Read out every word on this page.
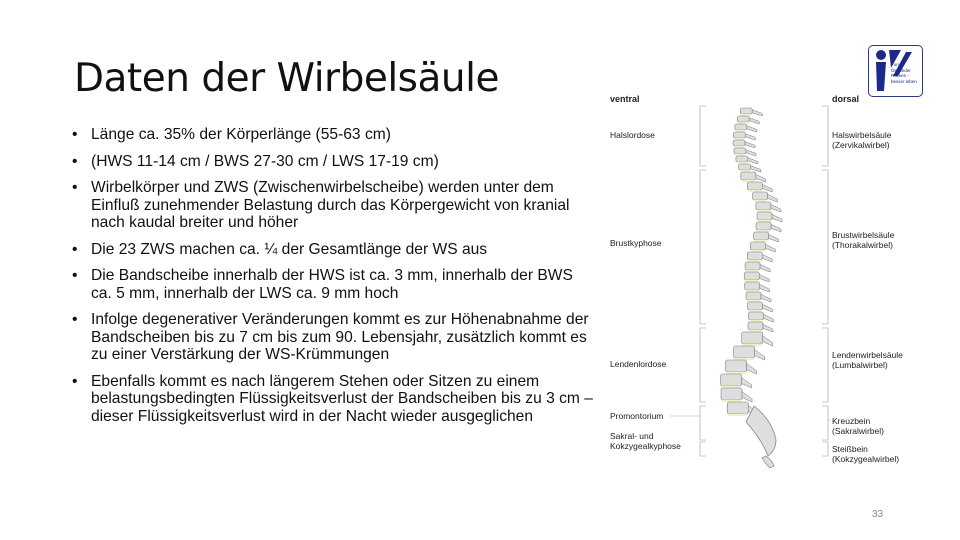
Daten der Wirbelsäule
• Länge ca. 35% der Körperlänge (55-63 cm)
• (HWS 11-14 cm / BWS 27-30 cm / LWS 17-19 cm)
• Wirbelkörper und ZWS (Zwischenwirbelscheibe) werden unter dem Einfluß zunehmender Belastung durch das Körpergewicht von kranial nach kaudal breiter und höher
• Die 23 ZWS machen ca. ¼ der Gesamtlänge der WS aus
• Die Bandscheibe innerhalb der HWS ist ca. 3 mm, innerhalb der BWS ca. 5 mm, innerhalb der LWS ca. 9 mm hoch
• Infolge degenerativer Veränderungen kommt es zur Höhenabnahme der Bandscheiben bis zu 7 cm bis zum 90. Lebensjahr, zusätzlich kommt es zu einer Verstärkung der WS-Krümmungen
• Ebenfalls kommt es nach längerem Stehen oder Sitzen zu einem belastungsbedingten Flüssigkeitsverlust der Bandscheiben bis zu 3 cm – dieser Flüssigkeitsverlust wird in der Nacht wieder ausgeglichen
Forum
Gesunder Rücken -
besser leben
ventral	dorsal
Halslordose
Brustkyphose
Lendenlordose
Promontorium
Sakral- und
Kokzygealkyphose
Halswirbelsäule
(Zervikalwirbel)
Brustwirbelsäule
(Thorakalwirbel)
Lendenwirbelsäule
(Lumbalwirbel)
Kreuzbein
(Sakralwirbel)
Steißbein
(Kokzygealwirbel)
33
